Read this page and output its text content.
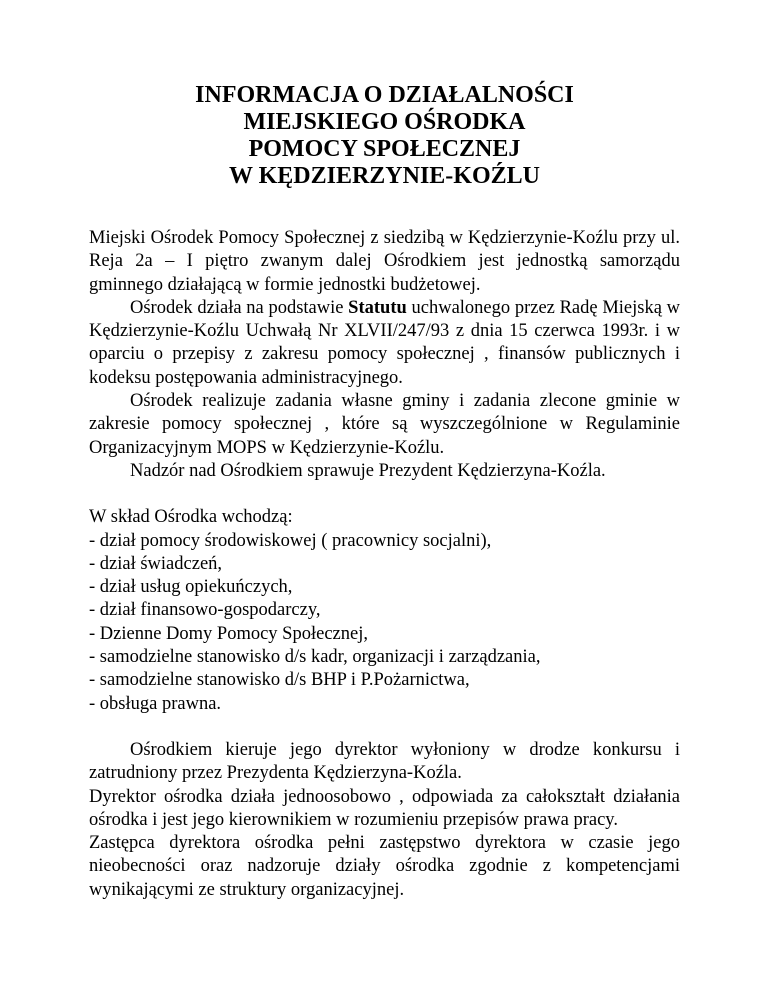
INFORMACJA O DZIAŁALNOŚCI
MIEJSKIEGO OŚRODKA
POMOCY SPOŁECZNEJ
W KĘDZIERZYNIE-KOŹLU

Miejski Ośrodek Pomocy Społecznej z siedzibą w Kędzierzynie-Koźlu przy ul. Reja 2a – I piętro zwanym dalej Ośrodkiem jest jednostką samorządu gminnego działającą w formie jednostki budżetowej.

Ośrodek działa na podstawie Statutu uchwalonego przez Radę Miejską w Kędzierzynie-Koźlu Uchwałą Nr XLVII/247/93 z dnia 15 czerwca 1993r. i w oparciu o przepisy z zakresu pomocy społecznej , finansów publicznych i kodeksu postępowania administracyjnego.

Ośrodek realizuje zadania własne gminy i zadania zlecone gminie w zakresie pomocy społecznej , które są wyszczególnione w Regulaminie Organizacyjnym MOPS w Kędzierzynie-Koźlu.

Nadzór nad Ośrodkiem sprawuje Prezydent Kędzierzyna-Koźla.

W skład Ośrodka wchodzą:

- dział pomocy środowiskowej ( pracownicy socjalni),
- dział świadczeń,
- dział usług opiekuńczych,
- dział finansowo-gospodarczy,
- Dzienne Domy Pomocy Społecznej,
- samodzielne stanowisko d/s kadr, organizacji i zarządzania,
- samodzielne stanowisko d/s BHP i P.Pożarnictwa,
- obsługa prawna.

Ośrodkiem kieruje jego dyrektor wyłoniony w drodze konkursu i zatrudniony przez Prezydenta Kędzierzyna-Koźla.

Dyrektor ośrodka działa jednoosobowo , odpowiada za całokształt działania ośrodka i jest jego kierownikiem w rozumieniu przepisów prawa pracy.

Zastępca dyrektora ośrodka pełni zastępstwo dyrektora w czasie jego nieobecności oraz nadzoruje działy ośrodka zgodnie z kompetencjami wynikającymi ze struktury organizacyjnej.
